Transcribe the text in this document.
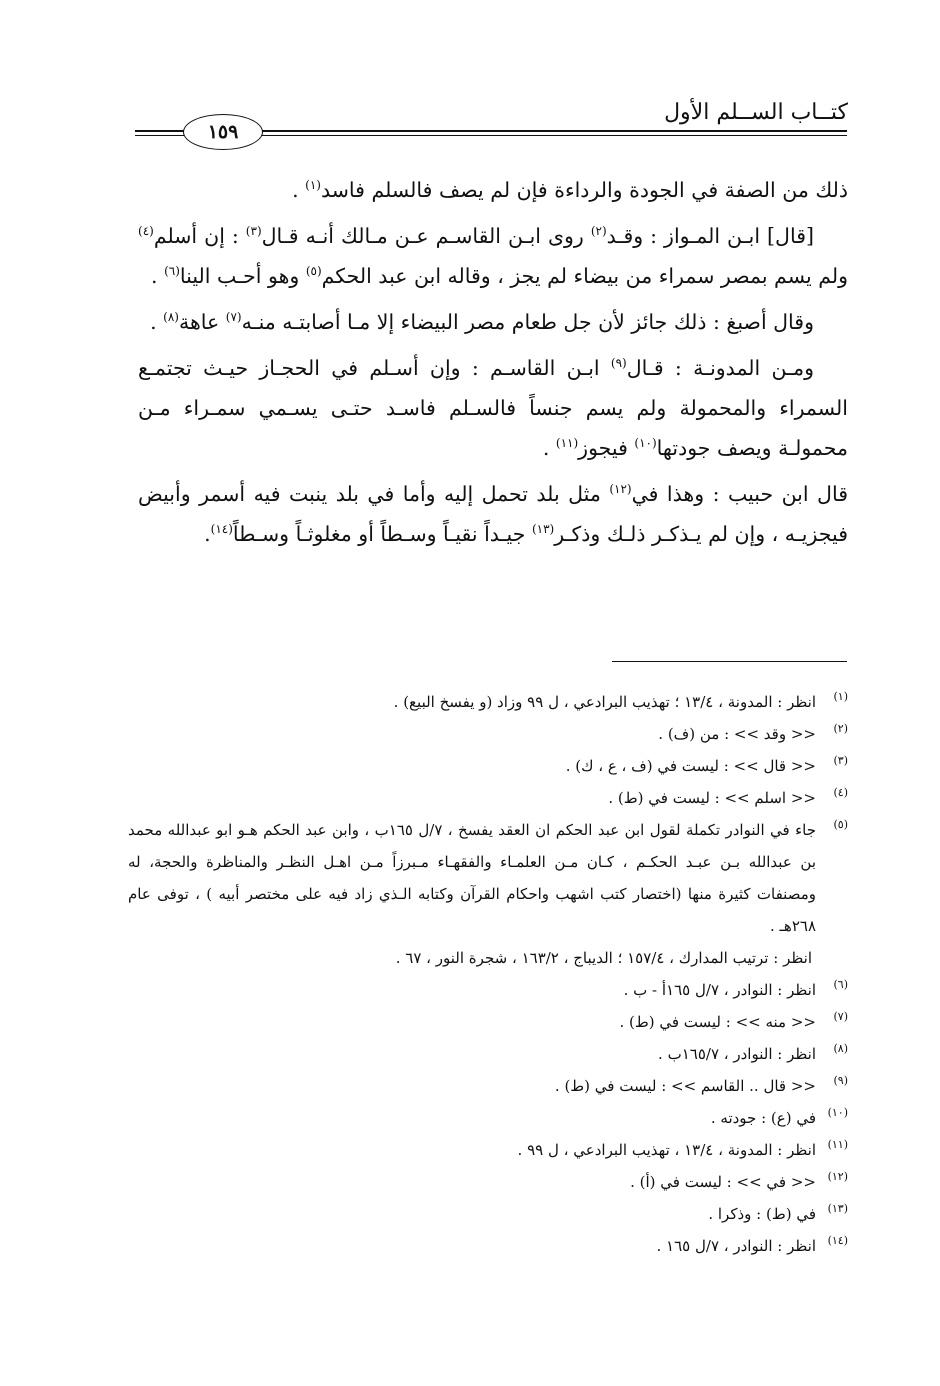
كتــاب الســلم الأول
١٥٩

ذلك من الصفة في الجودة والرداءة فإن لم يصف فالسلم فاسد$^{(١)}$ .

[قال] ابـن المـواز : وقـد$^{(٢)}$ روى ابـن القاسـم عـن مـالك أنـه قـال$^{(٣)}$ : إن أسلم$^{(٤)}$ ولم يسم بمصر سمراء من بيضاء لم يجز ، وقاله ابن عبد الحكم$^{(٥)}$ وهو أحـب الينا$^{(٦)}$ .

وقال أصبغ : ذلك جائز لأن جل طعام مصر البيضاء إلا مـا أصابتـه منـه$^{(٧)}$ عاهة$^{(٨)}$ .

ومـن المدونـة : قـال$^{(٩)}$ ابـن القاسـم : وإن أسـلم في الحجـاز حيـث تجتمـع السمراء والمحمولة ولم يسم جنساً فالسـلم فاسـد حتـى يسـمي سمـراء مـن محمولـة ويصف جودتها$^{(١٠)}$ فيجوز$^{(١١)}$ .

قال ابن حبيب : وهذا في$^{(١٢)}$ مثل بلد تحمل إليه وأما في بلد ينبت فيه أسمر وأبيض فيجزيـه ، وإن لم يـذكـر ذلـك وذكـر$^{(١٣)}$ جيـداً نقيـاً وسـطاً أو مغلوثـاً وسـطاً$^{(١٤)}$.

(١)
انظر : المدونة ، ١٣/٤ ؛ تهذيب البرادعي ، ل ٩٩ وزاد (و يفسخ البيع) .
(٢)
<< وقد >> : من (ف) .
(٣)
<< قال >> : ليست في (ف ، ع ، ك) .
(٤)
<< اسلم >> : ليست في (ط) .
(٥)
جاء في النوادر تكملة لقول ابن عبد الحكم ان العقد يفسخ ، ٧/ل ١٦٥ب ، وابن عبد الحكم هـو ابو عبدالله محمد بن عبدالله بـن عبـد الحكـم ، كـان مـن العلمـاء والفقهـاء مـبرزاً مـن اهـل النظـر والمناظرة والحجة، له ومصنفات كثيرة منها (اختصار كتب اشهب واحكام القرآن وكتابه الـذي زاد فيه على مختصر أبيه ) ، توفى عام ٢٦٨هـ .
انظر : ترتيب المدارك ، ١٥٧/٤ ؛ الديباج ، ١٦٣/٢ ، شجرة النور ، ٦٧ .
(٦)
انظر : النوادر ، ٧/ل ١٦٥أ - ب .
(٧)
<< منه >> : ليست في (ط) .
(٨)
انظر : النوادر ، ١٦٥/٧ب .
(٩)
<< قال .. القاسم >> : ليست في (ط) .
(١٠)
في (ع) : جودته .
(١١)
انظر : المدونة ، ١٣/٤ ، تهذيب البرادعي ، ل ٩٩ .
(١٢)
<< في >> : ليست في (أ) .
(١٣)
في (ط) : وذكرا .
(١٤)
انظر : النوادر ، ٧/ل ١٦٥ .
